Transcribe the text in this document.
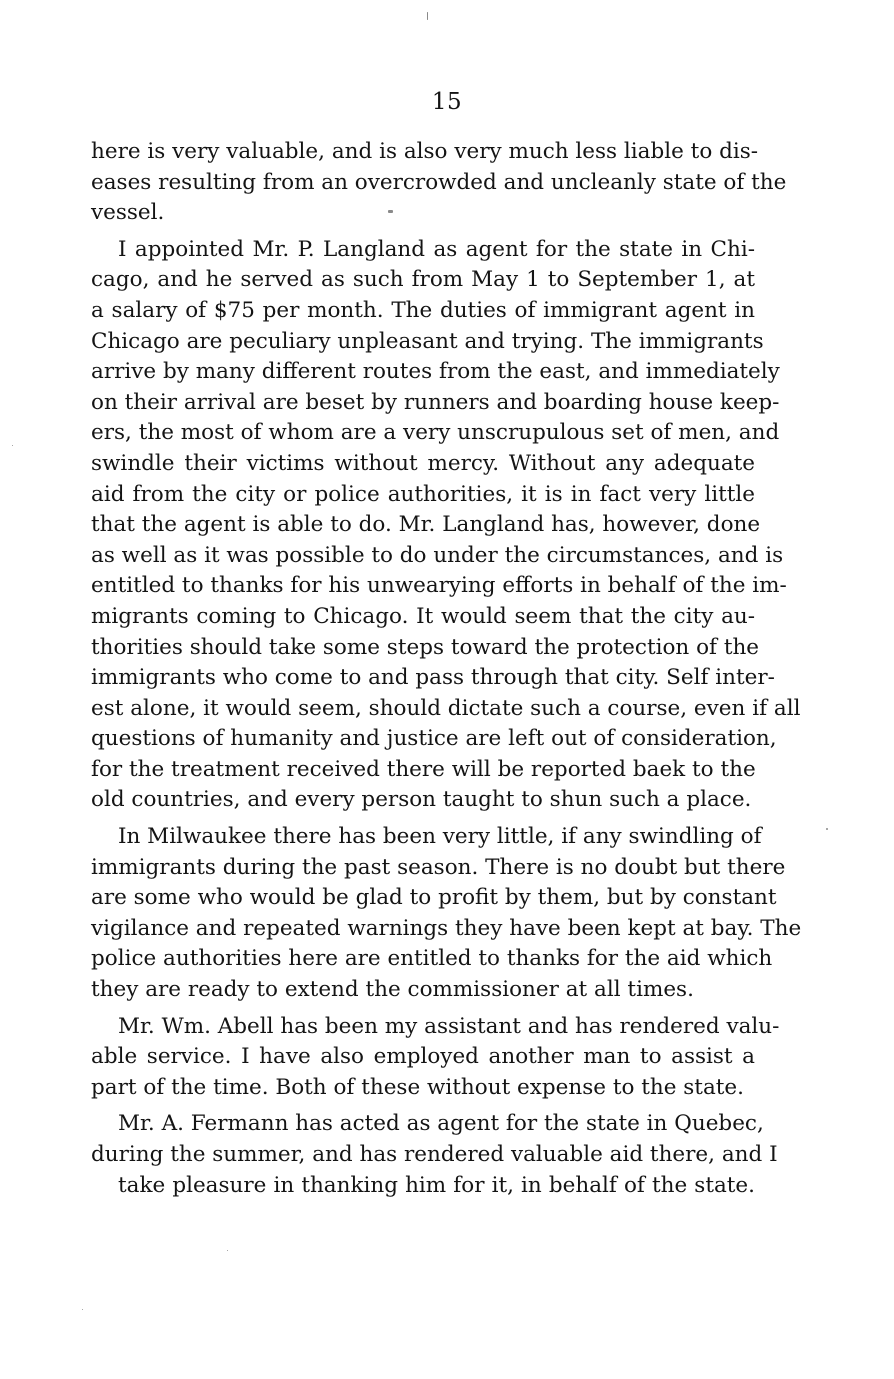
15
here is very valuable, and is also very much less liable to dis-
eases resulting from an overcrowded and uncleanly state of the
vessel.
I appointed Mr. P. Langland as agent for the state in Chi-
cago, and he served as such from May 1 to September 1, at
a salary of $75 per month. The duties of immigrant agent in
Chicago are peculiary unpleasant and trying. The immigrants
arrive by many different routes from the east, and immediately
on their arrival are beset by runners and boarding house keep-
ers, the most of whom are a very unscrupulous set of men, and
swindle their victims without mercy. Without any adequate
aid from the city or police authorities, it is in fact very little
that the agent is able to do. Mr. Langland has, however, done
as well as it was possible to do under the circumstances, and is
entitled to thanks for his unwearying efforts in behalf of the im-
migrants coming to Chicago. It would seem that the city au-
thorities should take some steps toward the protection of the
immigrants who come to and pass through that city. Self inter-
est alone, it would seem, should dictate such a course, even if all
questions of humanity and justice are left out of consideration,
for the treatment received there will be reported baek to the
old countries, and every person taught to shun such a place.
In Milwaukee there has been very little, if any swindling of
immigrants during the past season. There is no doubt but there
are some who would be glad to profit by them, but by constant
vigilance and repeated warnings they have been kept at bay. The
police authorities here are entitled to thanks for the aid which
they are ready to extend the commissioner at all times.
Mr. Wm. Abell has been my assistant and has rendered valu-
able service. I have also employed another man to assist a
part of the time. Both of these without expense to the state.
Mr. A. Fermann has acted as agent for the state in Quebec,
during the summer, and has rendered valuable aid there, and I
take pleasure in thanking him for it, in behalf of the state.
